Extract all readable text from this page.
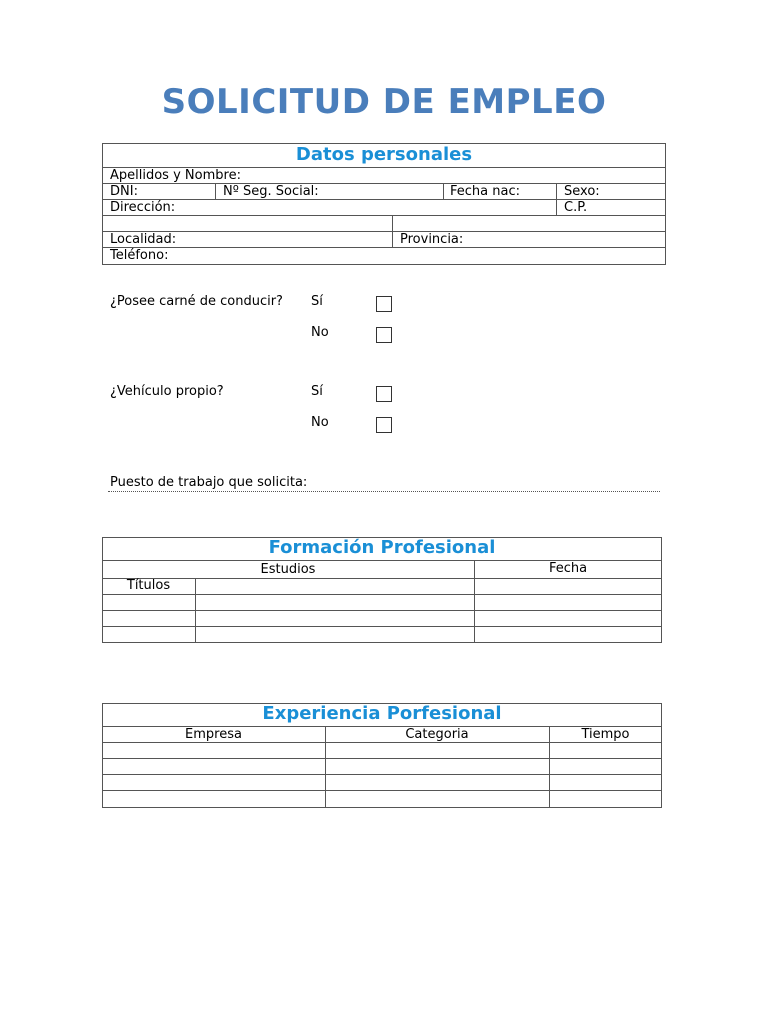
SOLICITUD DE EMPLEO
Datos personales
Apellidos y Nombre:
DNI:	Nº Seg. Social:	Fecha nac:	Sexo:
Dirección:	C.P.
Localidad:	Provincia:
Teléfono:
¿Posee carné de conducir? Sí
No
¿Vehículo propio?	Sí
No
Puesto de trabajo que solicita:
Formación Profesional
Estudios	Fecha
Títulos
Experiencia Porfesional
Empresa	Categoria	Tiempo
